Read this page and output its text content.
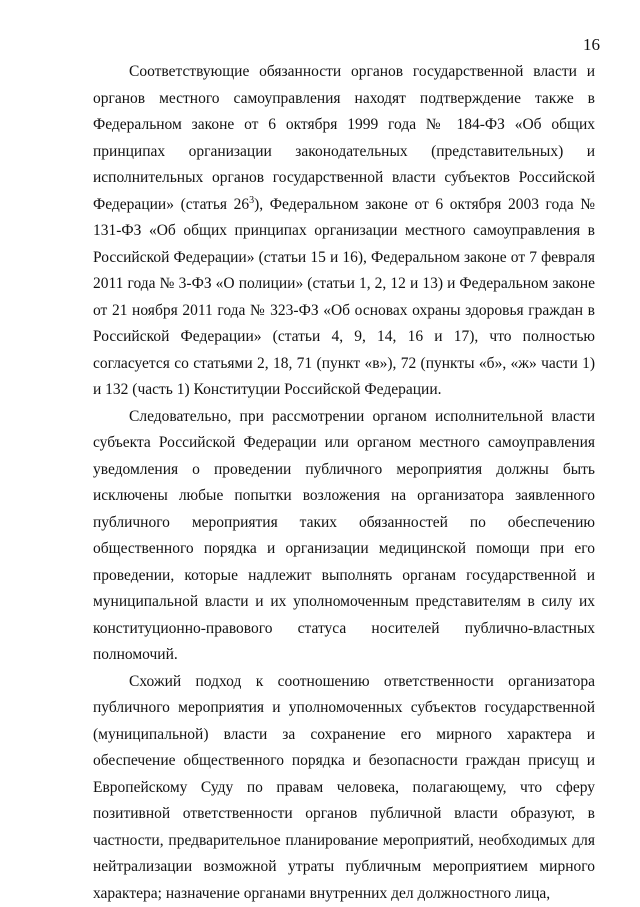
16

Соответствующие обязанности органов государственной власти и органов местного самоуправления находят подтверждение также в Федеральном законе от 6 октября 1999 года № 184-ФЗ «Об общих принципах организации законодательных (представительных) и исполнительных органов государственной власти субъектов Российской Федерации» (статья $26^3$), Федеральном законе от 6 октября 2003 года № 131-ФЗ «Об общих принципах организации местного самоуправления в Российской Федерации» (статьи 15 и 16), Федеральном законе от 7 февраля 2011 года № 3-ФЗ «О полиции» (статьи 1, 2, 12 и 13) и Федеральном законе от 21 ноября 2011 года № 323-ФЗ «Об основах охраны здоровья граждан в Российской Федерации» (статьи 4, 9, 14, 16 и 17), что полностью согласуется со статьями 2, 18, 71 (пункт «в»), 72 (пункты «б», «ж» части 1) и 132 (часть 1) Конституции Российской Федерации.

Следовательно, при рассмотрении органом исполнительной власти субъекта Российской Федерации или органом местного самоуправления уведомления о проведении публичного мероприятия должны быть исключены любые попытки возложения на организатора заявленного публичного мероприятия таких обязанностей по обеспечению общественного порядка и организации медицинской помощи при его проведении, которые надлежит выполнять органам государственной и муниципальной власти и их уполномоченным представителям в силу их конституционно-правового статуса носителей публично-властных полномочий.

Схожий подход к соотношению ответственности организатора публичного мероприятия и уполномоченных субъектов государственной (муниципальной) власти за сохранение его мирного характера и обеспечение общественного порядка и безопасности граждан присущ и Европейскому Суду по правам человека, полагающему, что сферу позитивной ответственности органов публичной власти образуют, в частности, предварительное планирование мероприятий, необходимых для нейтрализации возможной утраты публичным мероприятием мирного характера; назначение органами внутренних дел должностного лица,
